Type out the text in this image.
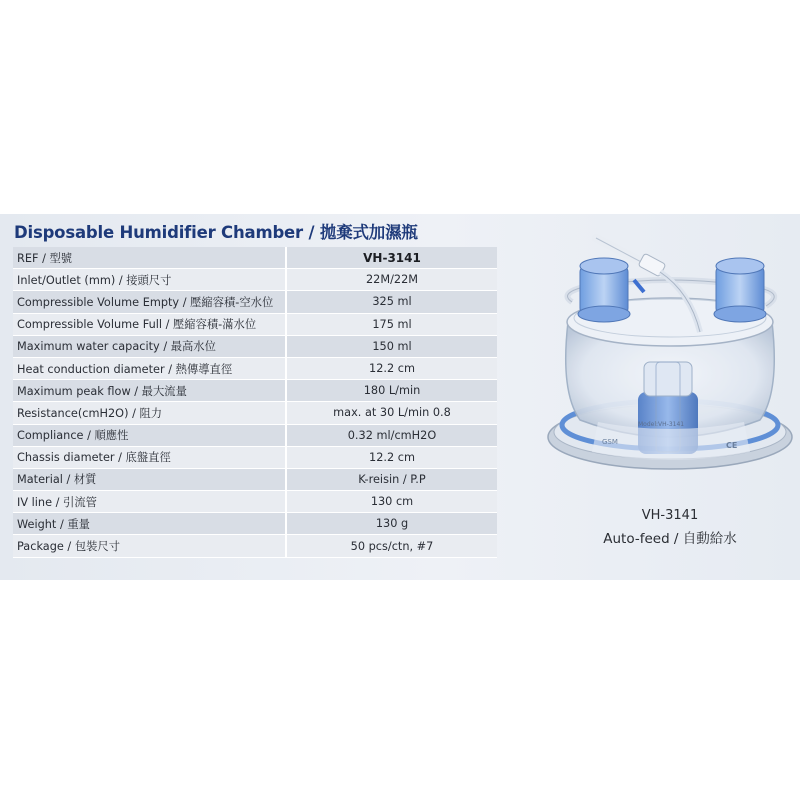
Disposable Humidifier Chamber / 拋棄式加濕瓶
REF / 型號	VH-3141
Inlet/Outlet (mm) / 接頭尺寸	22M/22M
Compressible Volume Empty / 壓縮容積-空水位	325 ml
Compressible Volume Full / 壓縮容積-滿水位	175 ml
Maximum water capacity / 最高水位	150 ml
Heat conduction diameter / 熱傳導直徑	12.2 cm
Maximum peak flow / 最大流量	180 L/min
Resistance(cmH2O) / 阻力	max. at 30 L/min 0.8
Compliance / 順應性	0.32 ml/cmH2O
Chassis diameter / 底盤直徑	12.2 cm
Material / 材質	K-reisin / P.P
IV line / 引流管	130 cm
Weight / 重量	130 g
Package / 包裝尺寸	50 pcs/ctn, #7
GSM
Model:VH-3141
CE
VH-3141
Auto-feed / 自動給水
